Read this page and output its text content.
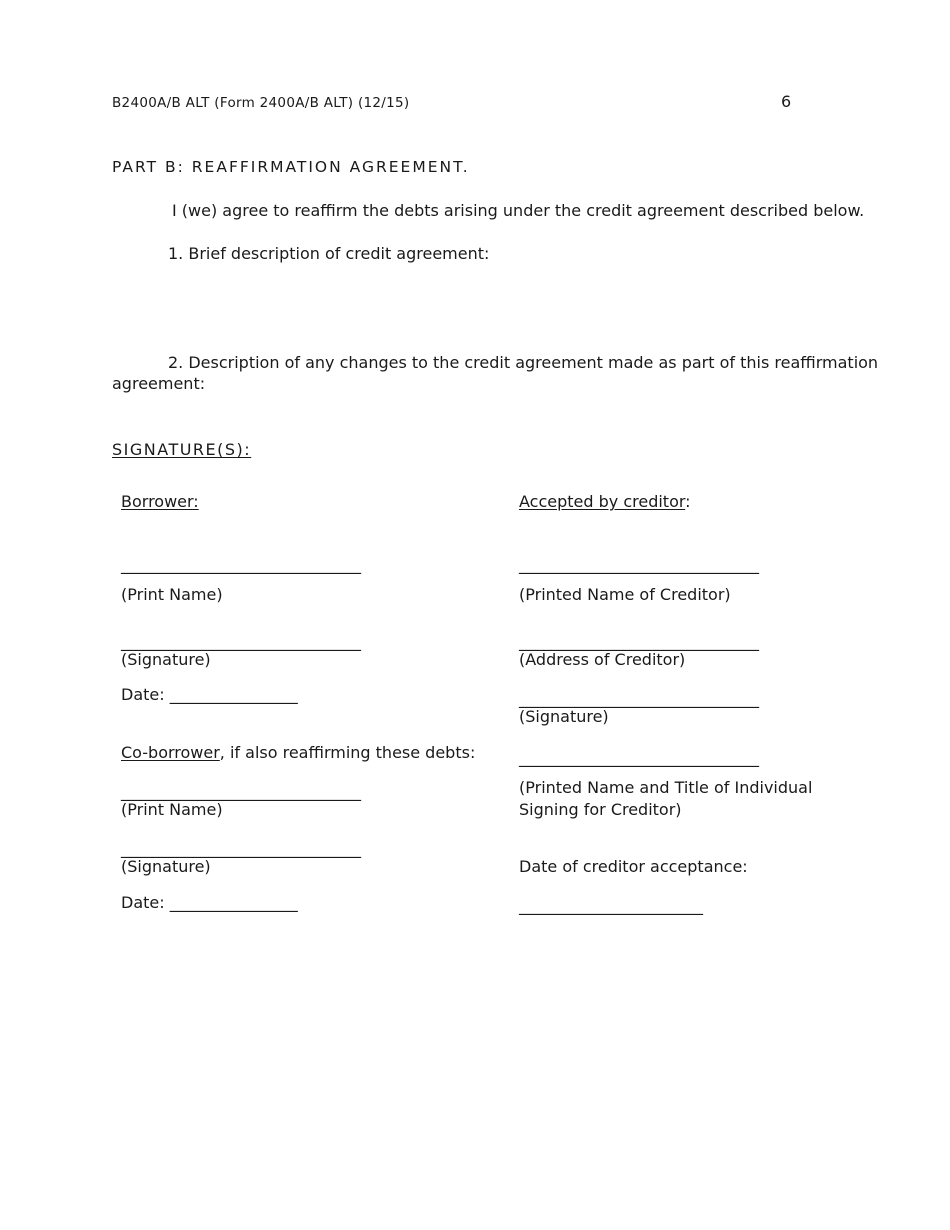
B2400A/B ALT (Form 2400A/B ALT) (12/15)	6
PART B: REAFFIRMATION AGREEMENT.
I (we) agree to reaffirm the debts arising under the credit agreement described below.
1. Brief description of credit agreement:
2. Description of any changes to the credit agreement made as part of this reaffirmation
agreement:
SIGNATURE(S):
Borrower:
______________________________
(Print Name)
______________________________
(Signature)
Date: ________________
Co-borrower, if also reaffirming these debts:
______________________________
(Print Name)
______________________________
(Signature)
Date: ________________
Accepted by creditor:
______________________________
(Printed Name of Creditor)
______________________________
(Address of Creditor)
______________________________
(Signature)
______________________________
(Printed Name and Title of Individual
Signing for Creditor)
Date of creditor acceptance:
_______________________
